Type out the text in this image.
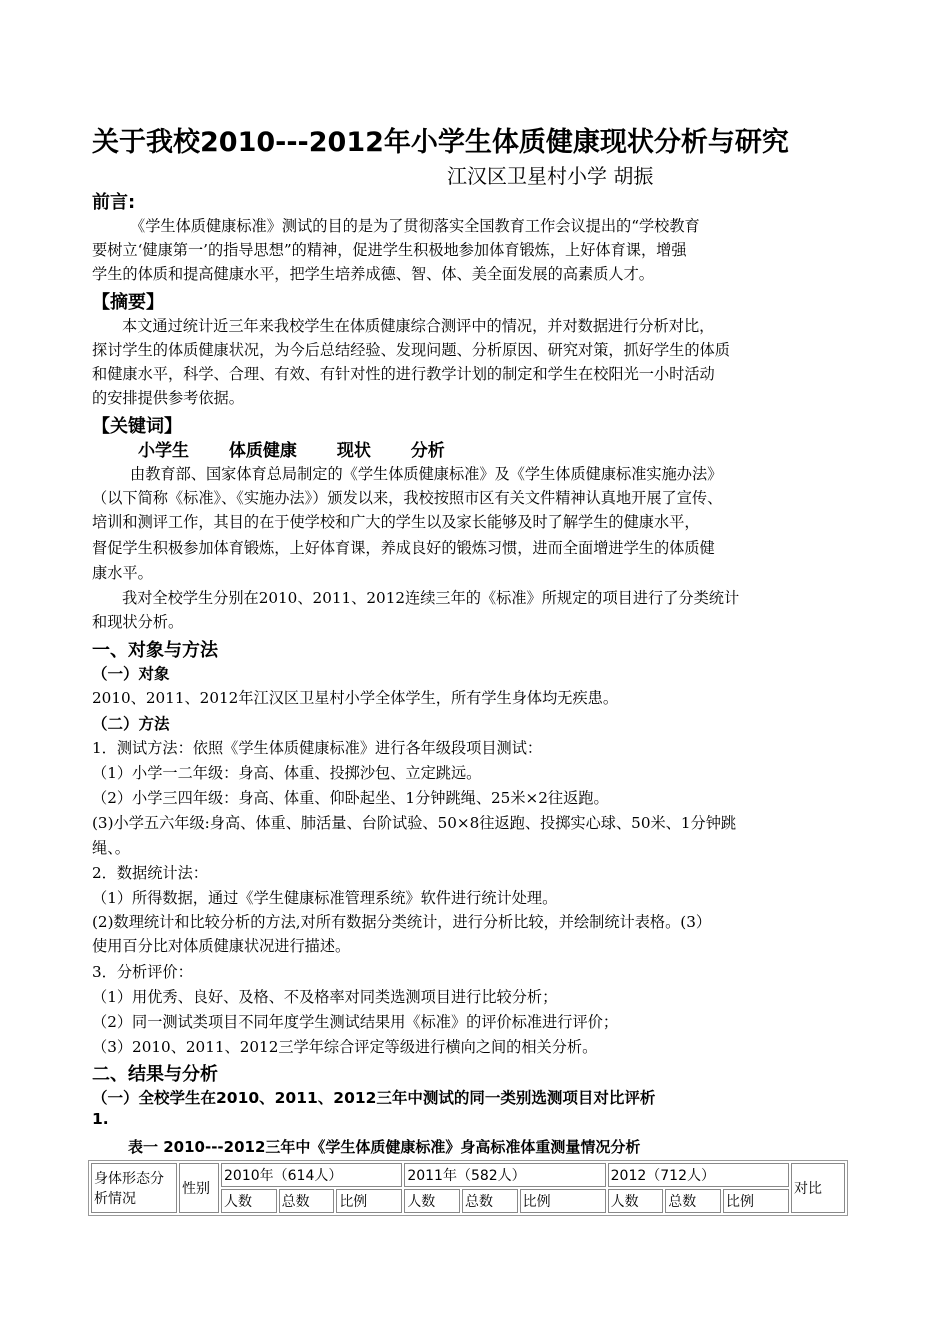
关于我校2010---2012年小学生体质健康现状分析与研究
江汉区卫星村小学 胡振
前言:
《学生体质健康标准》测试的目的是为了贯彻落实全国教育工作会议提出的“学校教育
要树立‘健康第一’的指导思想”的精神，促进学生积极地参加体育锻炼，上好体育课，增强
学生的体质和提高健康水平，把学生培养成德、智、体、美全面发展的高素质人才。
【摘要】
本文通过统计近三年来我校学生在体质健康综合测评中的情况，并对数据进行分析对比，
探讨学生的体质健康状况，为今后总结经验、发现问题、分析原因、研究对策，抓好学生的体质
和健康水平，科学、合理、有效、有针对性的进行教学计划的制定和学生在校阳光一小时活动
的安排提供参考依据。
【关键词】
小学生 体质健康 现状 分析
由教育部、国家体育总局制定的《学生体质健康标准》及《学生体质健康标准实施办法》
（以下简称《标准》、《实施办法》）颁发以来，我校按照市区有关文件精神认真地开展了宣传、
培训和测评工作，其目的在于使学校和广大的学生以及家长能够及时了解学生的健康水平，
督促学生积极参加体育锻炼，上好体育课，养成良好的锻炼习惯，进而全面增进学生的体质健
康水平。
我对全校学生分别在2010、2011、2012连续三年的《标准》所规定的项目进行了分类统计
和现状分析。
一、对象与方法
（一）对象
2010、2011、2012年江汉区卫星村小学全体学生，所有学生身体均无疾患。
（二）方法
1．测试方法：依照《学生体质健康标准》进行各年级段项目测试：
（1）小学一二年级：身高、体重、投掷沙包、立定跳远。
（2）小学三四年级：身高、体重、仰卧起坐、1分钟跳绳、25米×2往返跑。
(3)小学五六年级:身高、体重、肺活量、台阶试验、50×8往返跑、投掷实心球、50米、1分钟跳
绳、。
2．数据统计法：
（1）所得数据，通过《学生健康标准管理系统》软件进行统计处理。
(2)数理统计和比较分析的方法,对所有数据分类统计，进行分析比较，并绘制统计表格。(3）
使用百分比对体质健康状况进行描述。
3．分析评价：
（1）用优秀、良好、及格、不及格率对同类选测项目进行比较分析；
（2）同一测试类项目不同年度学生测试结果用《标准》的评价标准进行评价；
（3）2010、2011、2012三学年综合评定等级进行横向之间的相关分析。
二、结果与分析
（一）全校学生在2010、2011、2012三年中测试的同一类别选测项目对比评析
1.
表一 2010---2012三年中《学生体质健康标准》身高标准体重测量情况分析
身体形态分析情况	性别	2010年（614人）			2011年（582人）			2012（712人）			对比
		人数	总数	比例	人数	总数	比例	人数	总数	比例	
